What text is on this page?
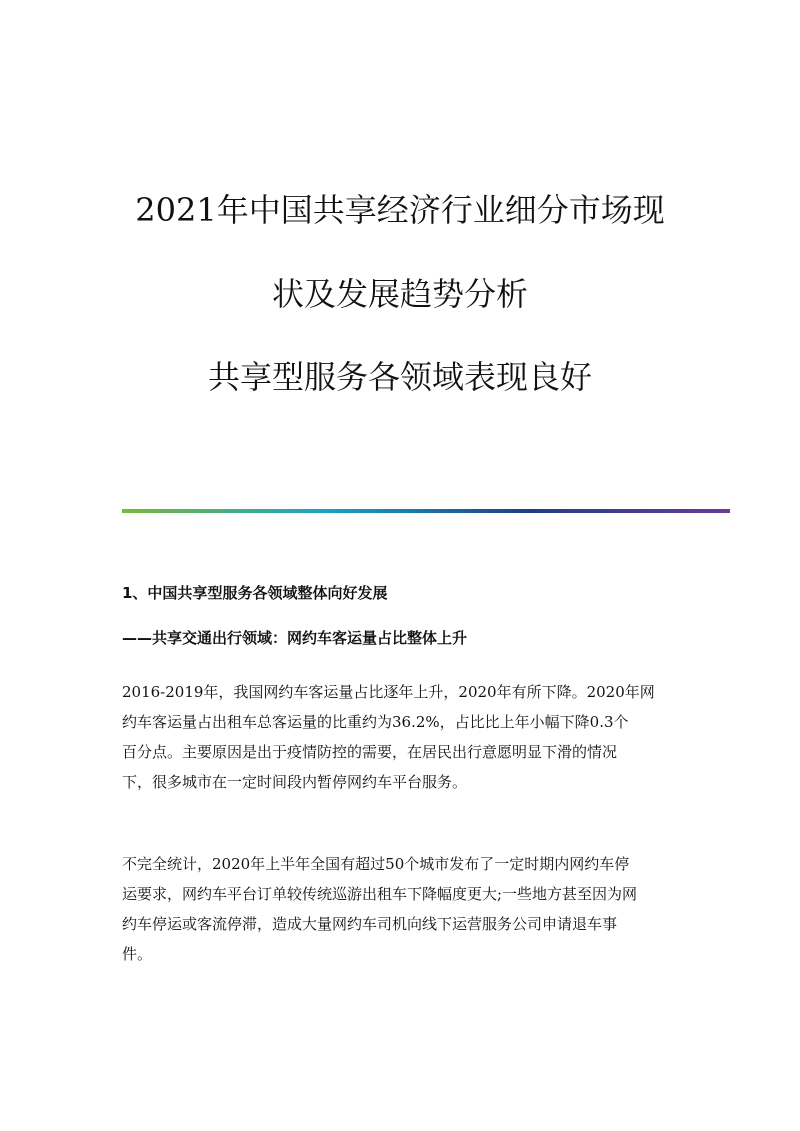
2021年中国共享经济行业细分市场现
状及发展趋势分析
共享型服务各领域表现良好
1、中国共享型服务各领域整体向好发展
——共享交通出行领域：网约车客运量占比整体上升
2016-2019年，我国网约车客运量占比逐年上升，2020年有所下降。2020年网
约车客运量占出租车总客运量的比重约为36.2%，占比比上年小幅下降0.3个
百分点。主要原因是出于疫情防控的需要，在居民出行意愿明显下滑的情况
下，很多城市在一定时间段内暂停网约车平台服务。
不完全统计，2020年上半年全国有超过50个城市发布了一定时期内网约车停
运要求，网约车平台订单较传统巡游出租车下降幅度更大;一些地方甚至因为网
约车停运或客流停滞，造成大量网约车司机向线下运营服务公司申请退车事
件。
